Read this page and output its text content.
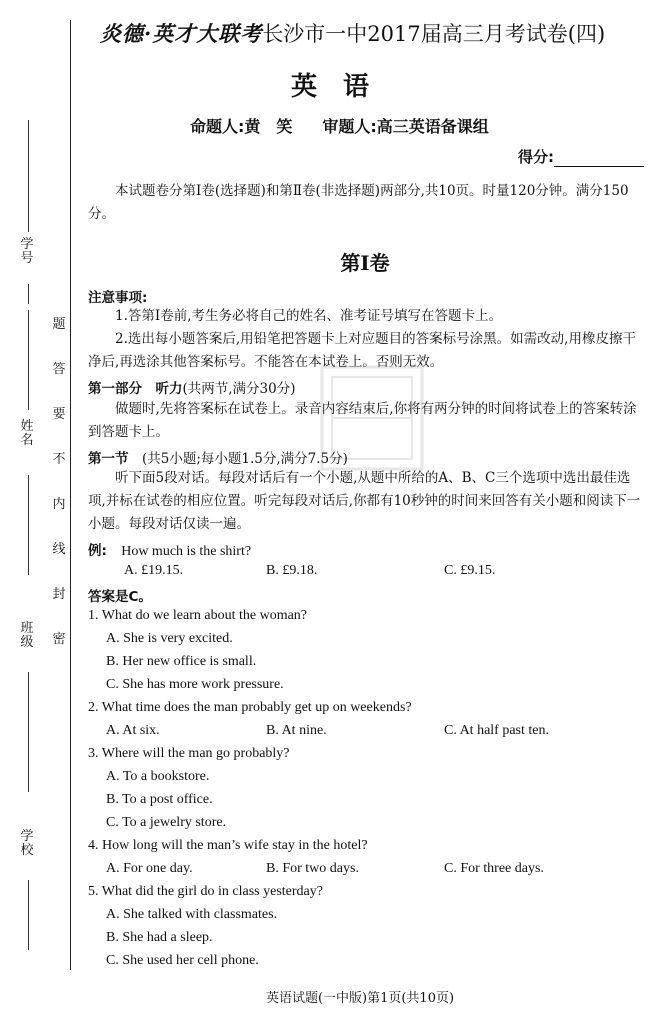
学号
姓名
班级
学校
题
答
要
不
内
线
封
密
炎德·英才大联考长沙市一中2017届高三月考试卷(四)
英语
命题人:黄　笑 审题人:高三英语备课组
得分:
本试题卷分第Ⅰ卷(选择题)和第Ⅱ卷(非选择题)两部分,共10页。时量120分钟。满分150分。
第Ⅰ卷
注意事项:
1.答第Ⅰ卷前,考生务必将自己的姓名、准考证号填写在答题卡上。
2.选出每小题答案后,用铅笔把答题卡上对应题目的答案标号涂黑。如需改动,用橡皮擦干净后,再选涂其他答案标号。不能答在本试卷上。否则无效。
第一部分　听力(共两节,满分30分)
做题时,先将答案标在试卷上。录音内容结束后,你将有两分钟的时间将试卷上的答案转涂到答题卡上。
第一节　 (共5小题;每小题1.5分,满分7.5分)
听下面5段对话。每段对话后有一个小题,从题中所给的A、B、C三个选项中选出最佳选项,并标在试卷的相应位置。听完每段对话后,你都有10秒钟的时间来回答有关小题和阅读下一小题。每段对话仅读一遍。
例: How much is the shirt?
A. £19.15.	B. £9.18.	C. £9.15.
答案是C。
1. What do we learn about the woman?
A. She is very excited.
B. Her new office is small.
C. She has more work pressure.
2. What time does the man probably get up on weekends?
A. At six.	B. At nine.	C. At half past ten.
3. Where will the man go probably?
A. To a bookstore.
B. To a post office.
C. To a jewelry store.
4. How long will the man’s wife stay in the hotel?
A. For one day.	B. For two days.	C. For three days.
5. What did the girl do in class yesterday?
A. She talked with classmates.
B. She had a sleep.
C. She used her cell phone.
英语试题(一中版)第1页(共10页)
